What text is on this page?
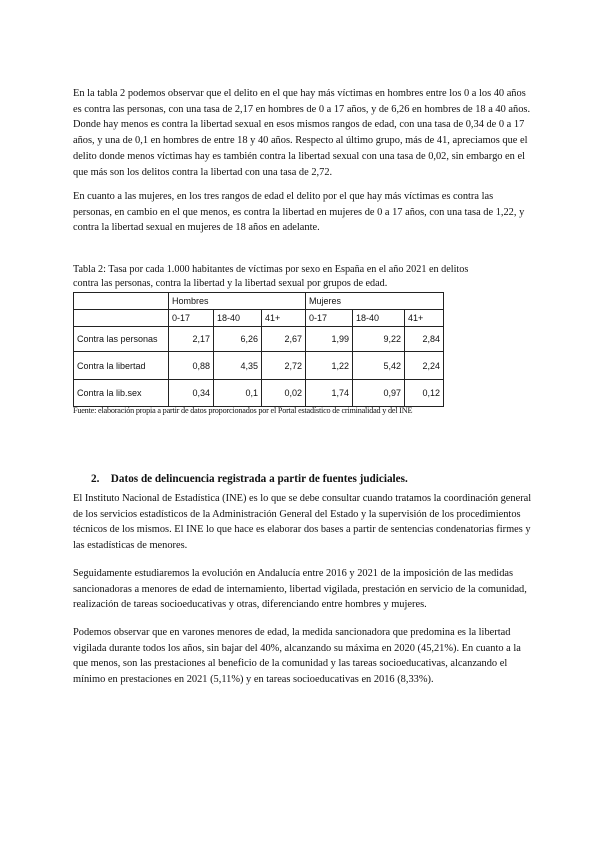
En la tabla 2 podemos observar que el delito en el que hay más víctimas en hombres entre los 0 a los 40 años es contra las personas, con una tasa de 2,17 en hombres de 0 a 17 años, y de 6,26 en hombres de 18 a 40 años. Donde hay menos es contra la libertad sexual en esos mismos rangos de edad, con una tasa de 0,34 de 0 a 17 años, y una de 0,1 en hombres de entre 18 y 40 años. Respecto al último grupo, más de 41, apreciamos que el delito donde menos víctimas hay es también contra la libertad sexual con una tasa de 0,02, sin embargo en el que más son los delitos contra la libertad con una tasa de 2,72.

En cuanto a las mujeres, en los tres rangos de edad el delito por el que hay más víctimas es contra las personas, en cambio en el que menos, es contra la libertad en mujeres de 0 a 17 años, con una tasa de 1,22, y contra la libertad sexual en mujeres de 18 años en adelante.

Tabla 2: Tasa por cada 1.000 habitantes de víctimas por sexo en España en el año 2021 en delitos contra las personas, contra la libertad y la libertad sexual por grupos de edad.

	Hombres			Mujeres		
	0-17	18-40	41+	0-17	18-40	41+
Contra las personas	2,17	6,26	2,67	1,99	9,22	2,84
Contra la libertad	0,88	4,35	2,72	1,22	5,42	2,24
Contra la lib.sex	0,34	0,1	0,02	1,74	0,97	0,12

Fuente: elaboración propia a partir de datos proporcionados por el Portal estadístico de criminalidad y del INE

2. Datos de delincuencia registrada a partir de fuentes judiciales.

El Instituto Nacional de Estadística (INE) es lo que se debe consultar cuando tratamos la coordinación general de los servicios estadísticos de la Administración General del Estado y la supervisión de los procedimientos técnicos de los mismos. El INE lo que hace es elaborar dos bases a partir de sentencias condenatorias firmes y las estadísticas de menores.

Seguidamente estudiaremos la evolución en Andalucía entre 2016 y 2021 de la imposición de las medidas sancionadoras a menores de edad de internamiento, libertad vigilada, prestación en servicio de la comunidad, realización de tareas socioeducativas y otras, diferenciando entre hombres y mujeres.

Podemos observar que en varones menores de edad, la medida sancionadora que predomina es la libertad vigilada durante todos los años, sin bajar del 40%, alcanzando su máxima en 2020 (45,21%). En cuanto a la que menos, son las prestaciones al beneficio de la comunidad y las tareas socioeducativas, alcanzando el mínimo en prestaciones en 2021 (5,11%) y en tareas socioeducativas en 2016 (8,33%).
